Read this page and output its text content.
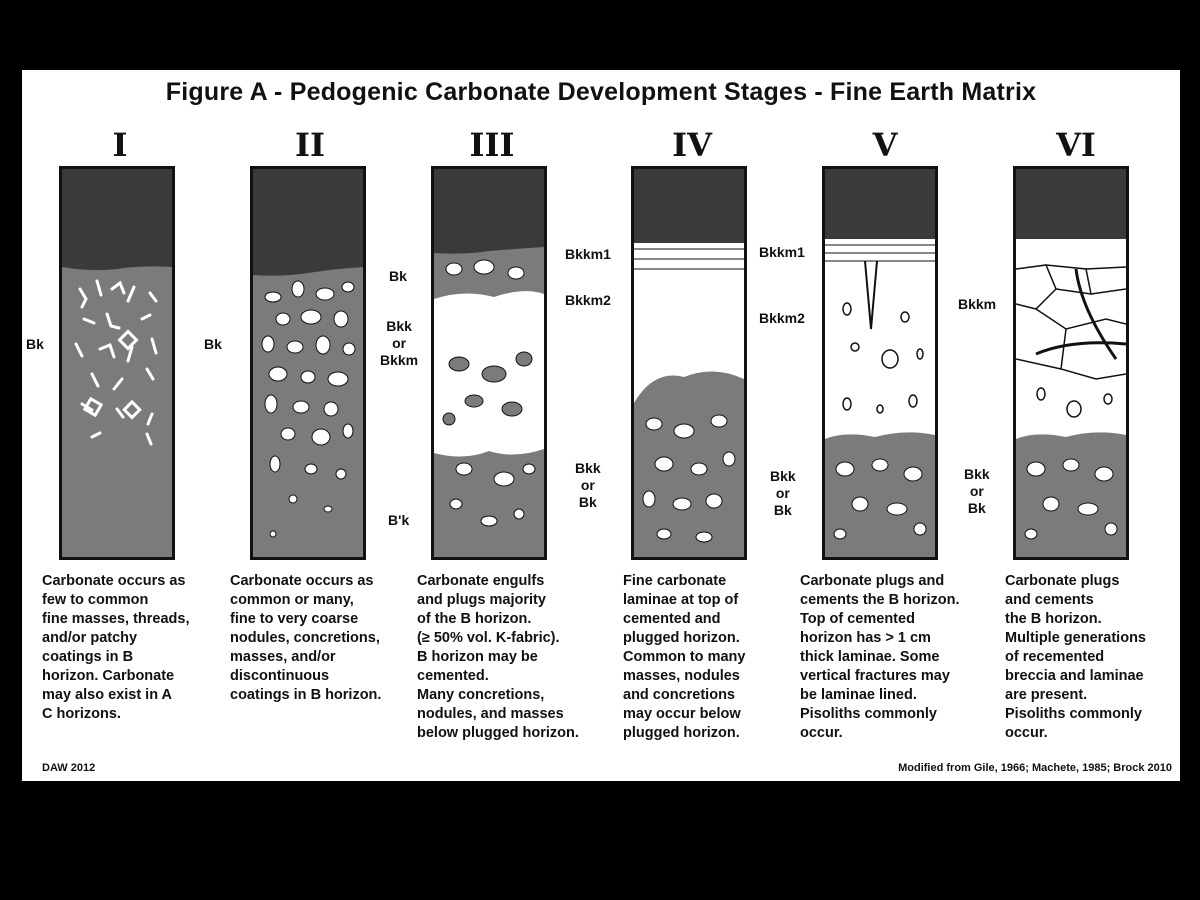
Figure A - Pedogenic Carbonate Development Stages - Fine Earth Matrix
I	II	III	IV	V	VI
Bk	Bk
Bk
Bkk
or
Bkkm
B'k
Bkkm1
Bkkm2
Bkk
or
Bk
Bkkm1
Bkkm2
Bkk
or
Bk
Bkkm
Bkk
or
Bk
Carbonate occurs as
few to common
fine masses, threads,
and/or patchy
coatings in B
horizon. Carbonate
may also exist in A
C horizons.
Carbonate occurs as
common or many,
fine to very coarse
nodules, concretions,
masses, and/or
discontinuous
coatings in B horizon.
Carbonate engulfs
and plugs majority
of the B horizon.
(≥ 50% vol. K-fabric).
B horizon may be
cemented.
Many concretions,
nodules, and masses
below plugged horizon.
Fine carbonate
laminae at top of
cemented and
plugged horizon.
Common to many
masses, nodules
and concretions
may occur below
plugged horizon.
Carbonate plugs and
cements the B horizon.
Top of cemented
horizon has > 1 cm
thick laminae. Some
vertical fractures may
be laminae lined.
Pisoliths commonly
occur.
Carbonate plugs
and cements
the B horizon.
Multiple generations
of recemented
breccia and laminae
are present.
Pisoliths commonly
occur.
DAW 2012	Modified from Gile, 1966; Machete, 1985; Brock 2010
